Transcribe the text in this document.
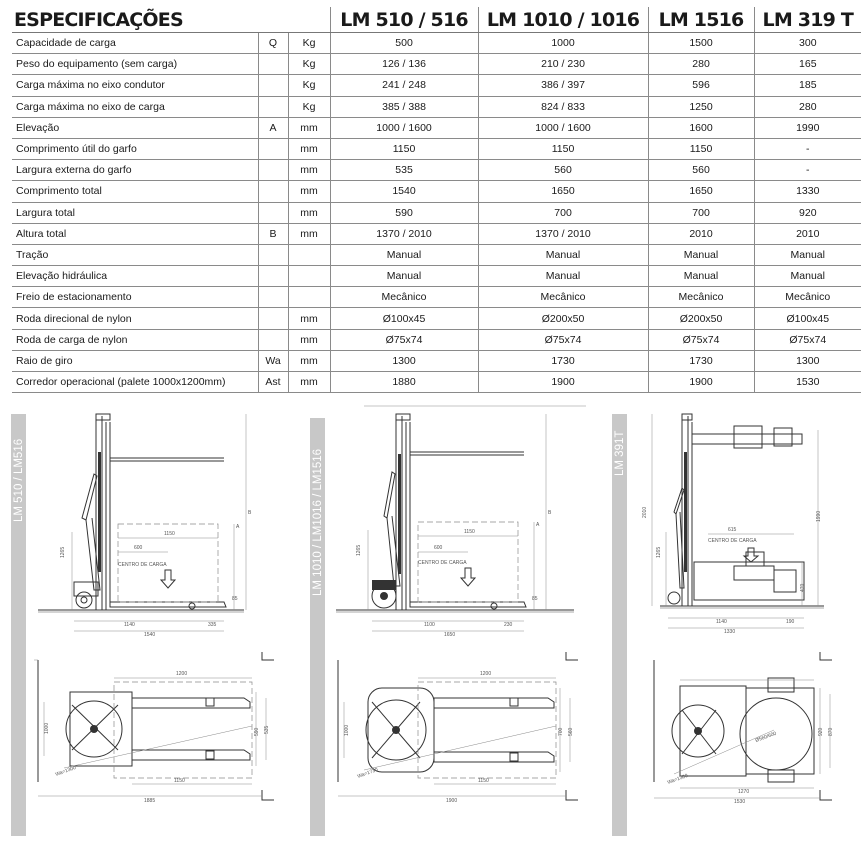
ESPECIFICAÇÕES			LM 510 / 516	LM 1010 / 1016	LM 1516	LM 319 T
Capacidade de carga	Q	Kg	500	1000	1500	300
Peso do equipamento (sem carga)		Kg	126 / 136	210 / 230	280	165
Carga máxima no eixo condutor		Kg	241 / 248	386 / 397	596	185
Carga máxima no eixo de carga		Kg	385 / 388	824 / 833	1250	280
Elevação	A	mm	1000 / 1600	1000 / 1600	1600	1990
Comprimento útil do garfo		mm	1150	1150	1150	-
Largura externa do garfo		mm	535	560	560	-
Comprimento total		mm	1540	1650	1650	1330
Largura total		mm	590	700	700	920
Altura total	B	mm	1370 / 2010	1370 / 2010	2010	2010
Tração			Manual	Manual	Manual	Manual
Elevação hidráulica			Manual	Manual	Manual	Manual
Freio de estacionamento			Mecânico	Mecânico	Mecânico	Mecânico
Roda direcional de nylon		mm	Ø100x45	Ø200x50	Ø200x50	Ø100x45
Roda de carga de nylon		mm	Ø75x74	Ø75x74	Ø75x74	Ø75x74
Raio de giro	Wa	mm	1300	1730	1730	1300
Corredor operacional (palete 1000x1200mm)	Ast	mm	1880	1900	1900	1530
LM 510 / LM516
1150
600
CENTRO DE CARGA
1265
A
B
85
1140	335
1540
1200
1150
590 535
1000
Wa=1300
1885
LM 1010 / LM1016 / LM1516	1150
600
CENTRO DE CARGA
1265
A
B
85
1100	230
1650
1200
1150
700 560
1000
Wa=1730
1900
LM 391T
615
CENTRO DE CARGA
2010
1265
1990
470
1140	190
1330
920 870
Ø560/600
Wa=1300
1270
1530
